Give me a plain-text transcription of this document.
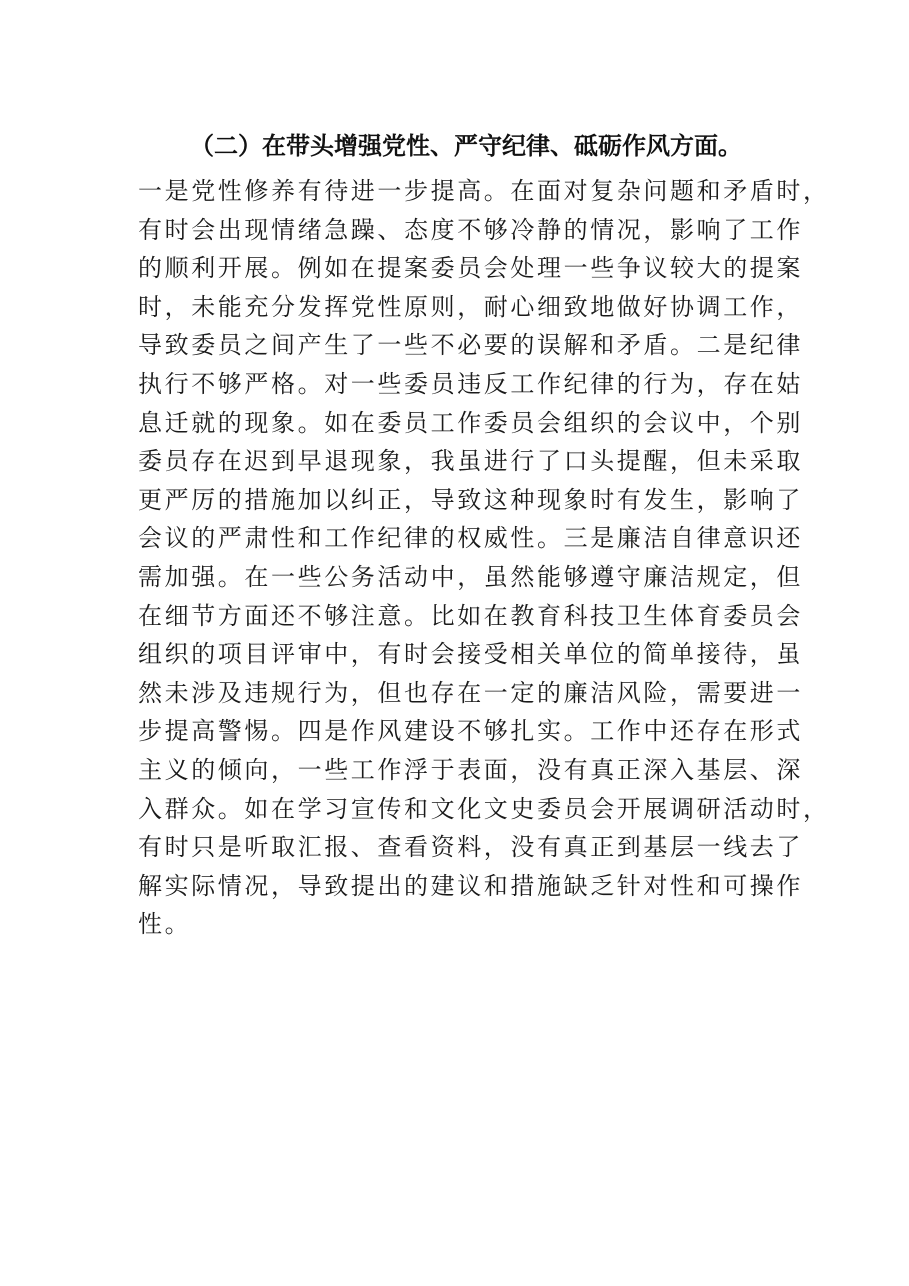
（二）在带头增强党性、严守纪律、砥砺作风方面。
一是党性修养有待进一步提高。在面对复杂问题和矛盾时，
有时会出现情绪急躁、态度不够冷静的情况，影响了工作
的顺利开展。例如在提案委员会处理一些争议较大的提案
时，未能充分发挥党性原则，耐心细致地做好协调工作，
导致委员之间产生了一些不必要的误解和矛盾。二是纪律
执行不够严格。对一些委员违反工作纪律的行为，存在姑
息迁就的现象。如在委员工作委员会组织的会议中，个别
委员存在迟到早退现象，我虽进行了口头提醒，但未采取
更严厉的措施加以纠正，导致这种现象时有发生，影响了
会议的严肃性和工作纪律的权威性。三是廉洁自律意识还
需加强。在一些公务活动中，虽然能够遵守廉洁规定，但
在细节方面还不够注意。比如在教育科技卫生体育委员会
组织的项目评审中，有时会接受相关单位的简单接待，虽
然未涉及违规行为，但也存在一定的廉洁风险，需要进一
步提高警惕。四是作风建设不够扎实。工作中还存在形式
主义的倾向，一些工作浮于表面，没有真正深入基层、深
入群众。如在学习宣传和文化文史委员会开展调研活动时，
有时只是听取汇报、查看资料，没有真正到基层一线去了
解实际情况，导致提出的建议和措施缺乏针对性和可操作
性。
